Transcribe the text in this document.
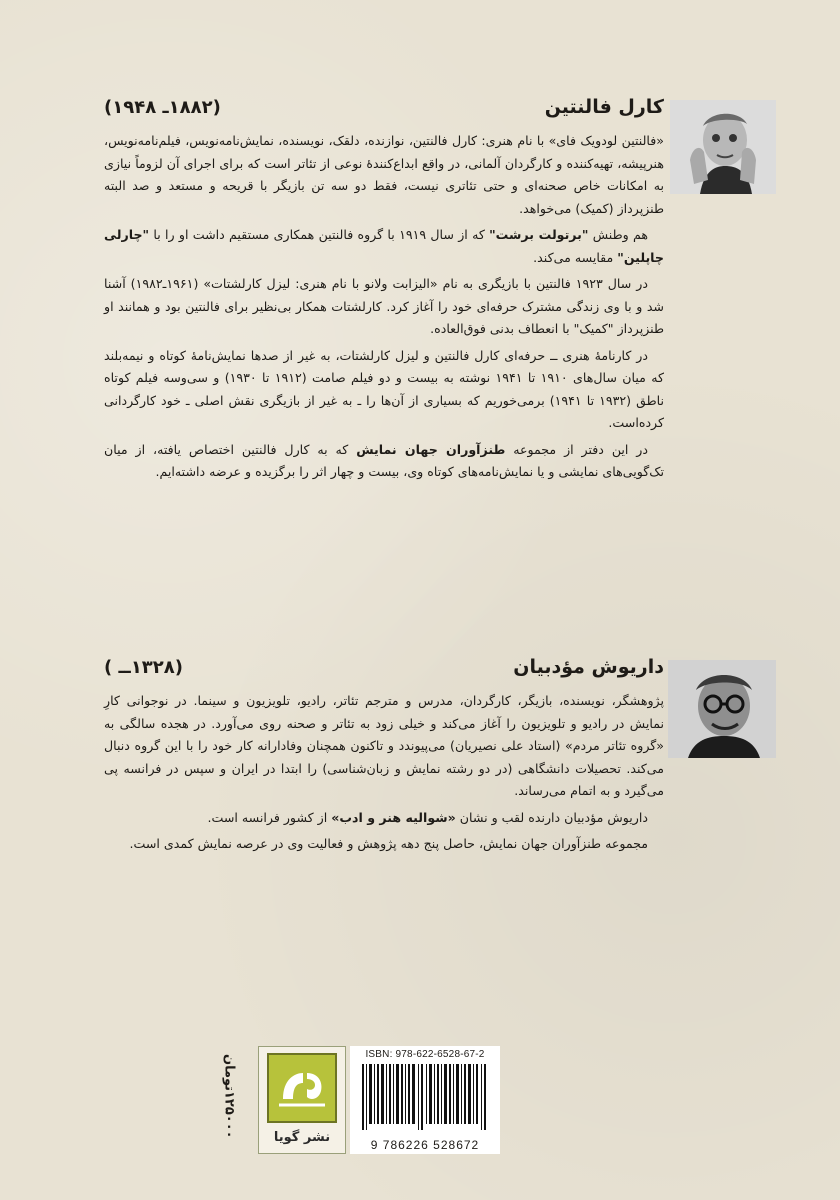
کارل فالنتین
(۱۸۸۲ـ ۱۹۴۸)

«فالنتین لودویک فای» با نام هنری: کارل فالنتین، نوازنده، دلقک، نویسنده، نمایش‌نامه‌نویس، فیلم‌نامه‌نویس، هنرپیشه، تهیه‌کننده و کارگردان آلمانی، در واقع ابداع‌کنندهٔ نوعی از تئاتر است که برای اجرای آن لزوماً نیازی به امکانات خاص صحنه‌ای و حتی تئاتری نیست، فقط دو سه تن بازیگر با قریحه و مستعد و صد البته طنزپرداز (کمیک) می‌خواهد.

هم وطنش "برتولت برشت" که از سال ۱۹۱۹ با گروه فالنتین همکاری مستقیم داشت او را با "چارلی چاپلین" مقایسه می‌کند.

در سال ۱۹۲۳ فالنتین با بازیگری به نام «الیزابت ولانو با نام هنری: لیزل کارلشتات» (۱۹۶۱ـ۱۹۸۲) آشنا شد و با وی زندگی مشترک حرفه‌ای خود را آغاز کرد. کارلشتات همکار بی‌نظیر برای فالنتین بود و همانند او طنزپرداز "کمیک" با انعطاف بدنی فوق‌العاده.

در کارنامهٔ هنری ــ حرفه‌ای کارل فالنتین و لیزل کارلشتات، به غیر از صدها نمایش‌نامهٔ کوتاه و نیمه‌بلند که میان سال‌های ۱۹۱۰ تا ۱۹۴۱ نوشته به بیست و دو فیلم صامت (۱۹۱۲ تا ۱۹۳۰) و سی‌وسه فیلم کوتاه ناطق (۱۹۳۲ تا ۱۹۴۱) برمی‌خوریم که بسیاری از آن‌ها را ـ به غیر از بازیگری نقش اصلی ـ خود کارگردانی کرده‌است.

در این دفتر از مجموعه طنزآوران جهان نمایش که به کارل فالنتین اختصاص یافته، از میان تک‌گویی‌های نمایشی و یا نمایش‌نامه‌های کوتاه وی، بیست و چهار اثر را برگزیده و عرضه داشته‌ایم.

داریوش مؤدبیان
(۱۳۲۸ــ )

پژوهشگر، نویسنده، بازیگر، کارگردان، مدرس و مترجم تئاتر، رادیو، تلویزیون و سینما. در نوجوانی کارِ نمایش در رادیو و تلویزیون را آغاز می‌کند و خیلی زود به تئاتر و صحنه روی می‌آورد. در هجده سالگی به «گروه تئاتر مردم» (استاد علی نصیریان) می‌پیوندد و تاکنون همچنان وفادارانه کار خود را با این گروه دنبال می‌کند. تحصیلات دانشگاهی (در دو رشته نمایش و زبان‌شناسی) را ابتدا در ایران و سپس در فرانسه پی می‌گیرد و به اتمام می‌رساند.

داریوش مؤدبیان دارنده لقب و نشان «شوالیه هنر و ادب» از کشور فرانسه است.

مجموعه طنزآوران جهان نمایش، حاصل پنج دهه پژوهش و فعالیت وی در عرصه نمایش کمدی است.

۱۲۵۰۰۰
تومان
نشر گویا
ISBN: 978-622-6528-67-2
9 786226 528672
